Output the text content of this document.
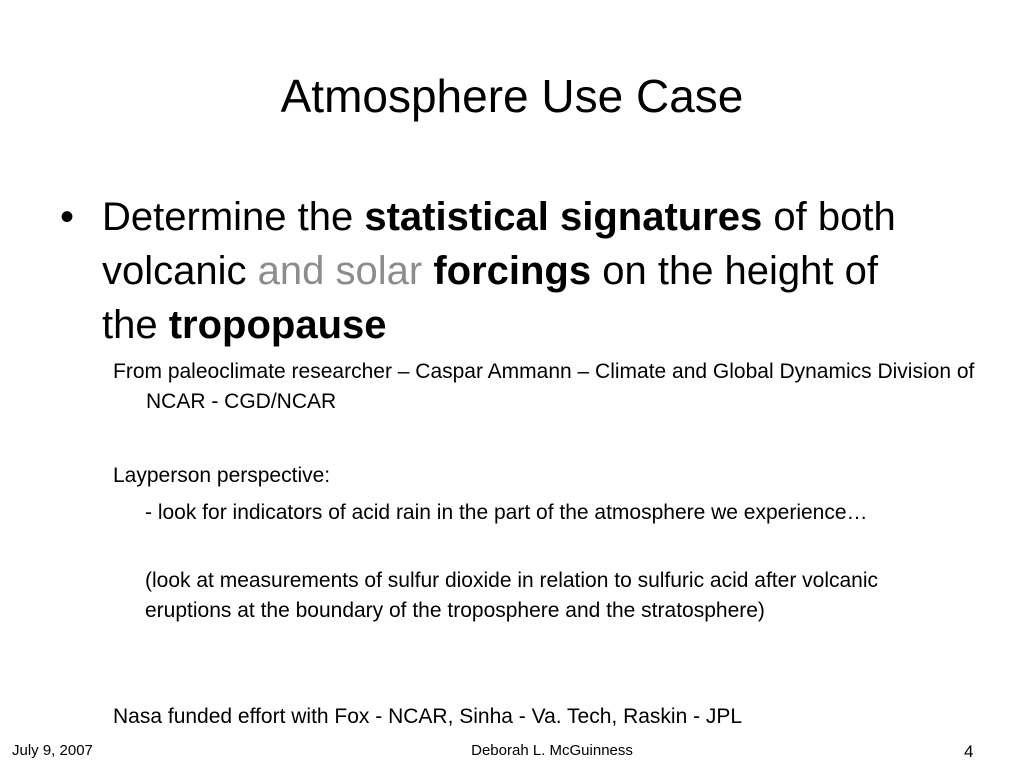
Atmosphere Use Case
• Determine the statistical signatures of both volcanic and solar forcings on the height of the tropopause
From paleoclimate researcher – Caspar Ammann – Climate and Global Dynamics Division of NCAR - CGD/NCAR
Layperson perspective:
- look for indicators of acid rain in the part of the atmosphere we experience…
(look at measurements of sulfur dioxide in relation to sulfuric acid after volcanic eruptions at the boundary of the troposphere and the stratosphere)
Nasa funded effort with Fox - NCAR, Sinha - Va. Tech, Raskin - JPL
July 9, 2007	Deborah L. McGuinness	4
